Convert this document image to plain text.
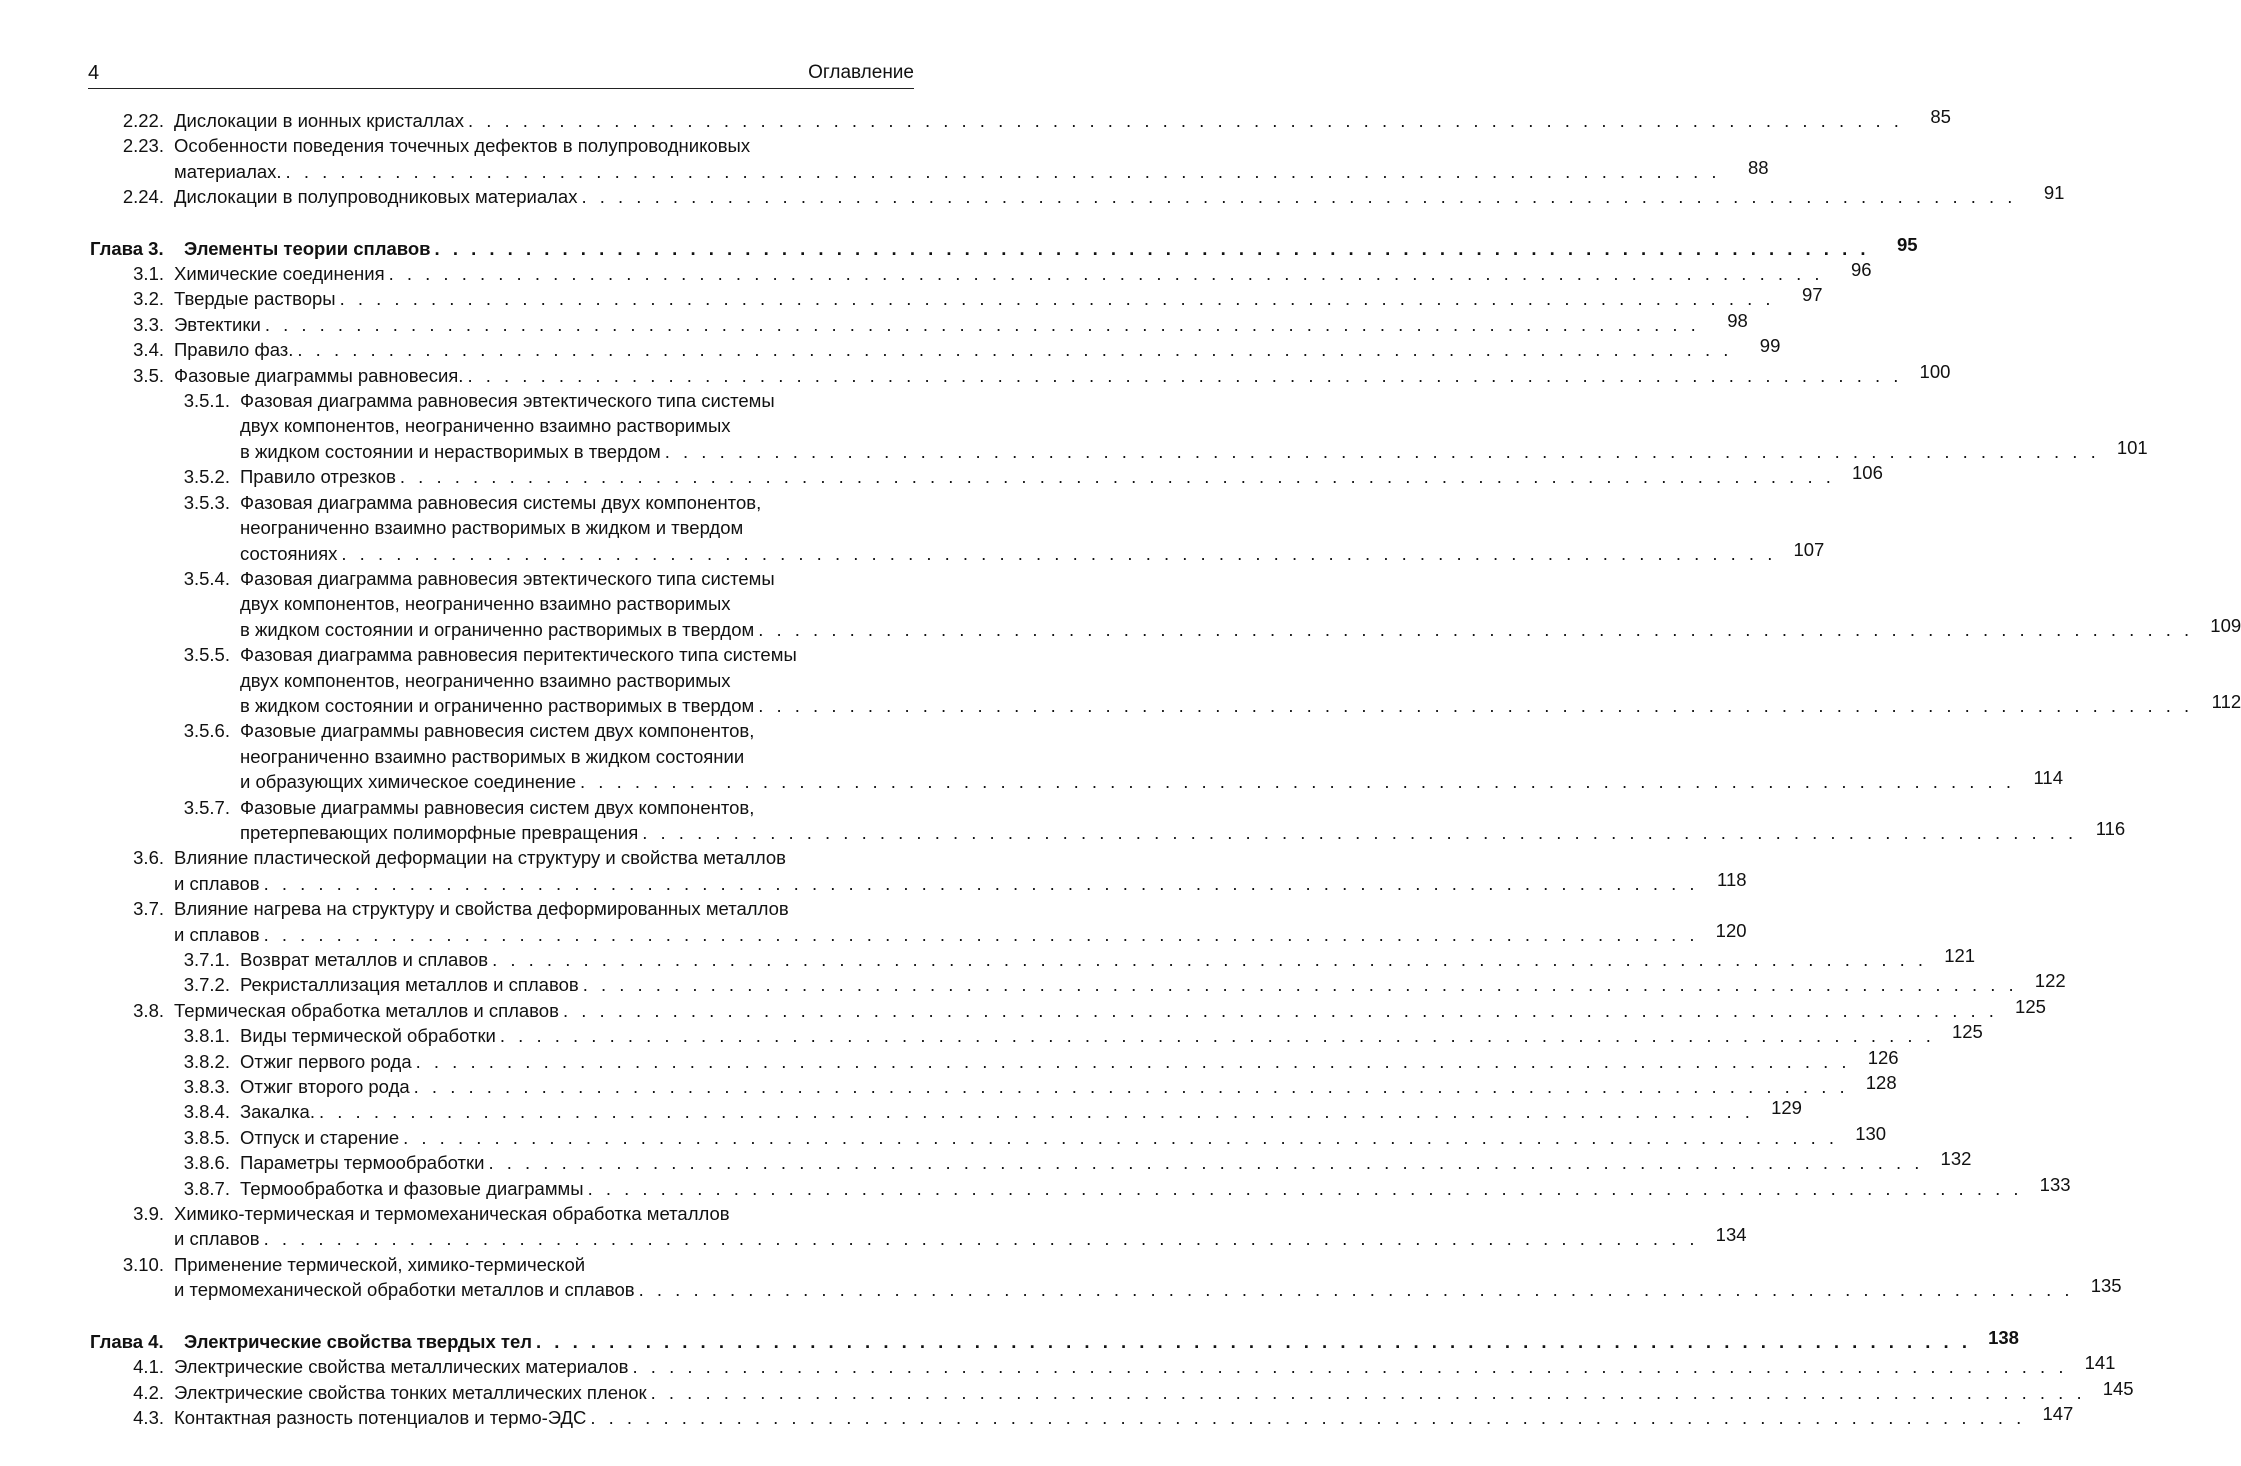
4	Оглавление
2.22. Дислокации в ионных кристаллах . . . . . . . . . . . . . . . . . . . . . . . . . . . . . . . . . . . . . . . . . . . . . . . . . . . . . . . . . . . . . . . . . . . . . . . . . . . . . . .	85
2.23. Особенности поведения точечных дефектов в полупроводниковых
материалах. . . . . . . . . . . . . . . . . . . . . . . . . . . . . . . . . . . . . . . . . . . . . . . . . . . . . . . . . . . . . . . . . . . . . . . . . . . . . . . .	88
2.24. Дислокации в полупроводниковых материалах . . . . . . . . . . . . . . . . . . . . . . . . . . . . . . . . . . . . . . . . . . . . . . . . . . . . . . . . . . . . . . . . . . . . . . . . . . . . . . .	91
Глава 3.	Элементы теории сплавов . . . . . . . . . . . . . . . . . . . . . . . . . . . . . . . . . . . . . . . . . . . . . . . . . . . . . . . . . . . . . . . . . . . . . . . . . . . . . . .	95
3.1. Химические соединения . . . . . . . . . . . . . . . . . . . . . . . . . . . . . . . . . . . . . . . . . . . . . . . . . . . . . . . . . . . . . . . . . . . . . . . . . . . . . . .	96
3.2. Твердые растворы . . . . . . . . . . . . . . . . . . . . . . . . . . . . . . . . . . . . . . . . . . . . . . . . . . . . . . . . . . . . . . . . . . . . . . . . . . . . . . .	97
3.3. Эвтектики . . . . . . . . . . . . . . . . . . . . . . . . . . . . . . . . . . . . . . . . . . . . . . . . . . . . . . . . . . . . . . . . . . . . . . . . . . . . . . .	98
3.4. Правило фаз. . . . . . . . . . . . . . . . . . . . . . . . . . . . . . . . . . . . . . . . . . . . . . . . . . . . . . . . . . . . . . . . . . . . . . . . . . . . . . . .	99
3.5. Фазовые диаграммы равновесия. . . . . . . . . . . . . . . . . . . . . . . . . . . . . . . . . . . . . . . . . . . . . . . . . . . . . . . . . . . . . . . . . . . . . . . . . . . . . . . . 100
3.5.1. Фазовая диаграмма равновесия эвтектического типа системы
двух компонентов, неограниченно взаимно растворимых
в жидком состоянии и нерастворимых в твердом . . . . . . . . . . . . . . . . . . . . . . . . . . . . . . . . . . . . . . . . . . . . . . . . . . . . . . . . . . . . . . . . . . . . . . . . . . . . . . . 101
3.5.2. Правило отрезков . . . . . . . . . . . . . . . . . . . . . . . . . . . . . . . . . . . . . . . . . . . . . . . . . . . . . . . . . . . . . . . . . . . . . . . . . . . . . . . 106
3.5.3. Фазовая диаграмма равновесия системы двух компонентов,
неограниченно взаимно растворимых в жидком и твердом
состояниях . . . . . . . . . . . . . . . . . . . . . . . . . . . . . . . . . . . . . . . . . . . . . . . . . . . . . . . . . . . . . . . . . . . . . . . . . . . . . . . 107
3.5.4. Фазовая диаграмма равновесия эвтектического типа системы
двух компонентов, неограниченно взаимно растворимых
в жидком состоянии и ограниченно растворимых в твердом . . . . . . . . . . . . . . . . . . . . . . . . . . . . . . . . . . . . . . . . . . . . . . . . . . . . . . . . . . . . . . . . . . . . . . . . . . . . . . . 109
3.5.5. Фазовая диаграмма равновесия перитектического типа системы
двух компонентов, неограниченно взаимно растворимых
в жидком состоянии и ограниченно растворимых в твердом . . . . . . . . . . . . . . . . . . . . . . . . . . . . . . . . . . . . . . . . . . . . . . . . . . . . . . . . . . . . . . . . . . . . . . . . . . . . . . .	112
3.5.6. Фазовые диаграммы равновесия систем двух компонентов,
неограниченно взаимно растворимых в жидком состоянии
и образующих химическое соединение . . . . . . . . . . . . . . . . . . . . . . . . . . . . . . . . . . . . . . . . . . . . . . . . . . . . . . . . . . . . . . . . . . . . . . . . . . . . . . .	114
3.5.7. Фазовые диаграммы равновесия систем двух компонентов,
претерпевающих полиморфные превращения . . . . . . . . . . . . . . . . . . . . . . . . . . . . . . . . . . . . . . . . . . . . . . . . . . . . . . . . . . . . . . . . . . . . . . . . . . . . . . .	116
3.6. Влияние пластической деформации на структуру и свойства металлов
и сплавов . . . . . . . . . . . . . . . . . . . . . . . . . . . . . . . . . . . . . . . . . . . . . . . . . . . . . . . . . . . . . . . . . . . . . . . . . . . . . . .	118
3.7. Влияние нагрева на структуру и свойства деформированных металлов
и сплавов . . . . . . . . . . . . . . . . . . . . . . . . . . . . . . . . . . . . . . . . . . . . . . . . . . . . . . . . . . . . . . . . . . . . . . . . . . . . . . . 120
3.7.1. Возврат металлов и сплавов . . . . . . . . . . . . . . . . . . . . . . . . . . . . . . . . . . . . . . . . . . . . . . . . . . . . . . . . . . . . . . . . . . . . . . . . . . . . . . . 121
3.7.2. Рекристаллизация металлов и сплавов . . . . . . . . . . . . . . . . . . . . . . . . . . . . . . . . . . . . . . . . . . . . . . . . . . . . . . . . . . . . . . . . . . . . . . . . . . . . . . . 122
3.8. Термическая обработка металлов и сплавов . . . . . . . . . . . . . . . . . . . . . . . . . . . . . . . . . . . . . . . . . . . . . . . . . . . . . . . . . . . . . . . . . . . . . . . . . . . . . . . 125
3.8.1. Виды термической обработки . . . . . . . . . . . . . . . . . . . . . . . . . . . . . . . . . . . . . . . . . . . . . . . . . . . . . . . . . . . . . . . . . . . . . . . . . . . . . . . 125
3.8.2. Отжиг первого рода . . . . . . . . . . . . . . . . . . . . . . . . . . . . . . . . . . . . . . . . . . . . . . . . . . . . . . . . . . . . . . . . . . . . . . . . . . . . . . . 126
3.8.3. Отжиг второго рода . . . . . . . . . . . . . . . . . . . . . . . . . . . . . . . . . . . . . . . . . . . . . . . . . . . . . . . . . . . . . . . . . . . . . . . . . . . . . . . 128
3.8.4. Закалка. . . . . . . . . . . . . . . . . . . . . . . . . . . . . . . . . . . . . . . . . . . . . . . . . . . . . . . . . . . . . . . . . . . . . . . . . . . . . . . . 129
3.8.5. Отпуск и старение . . . . . . . . . . . . . . . . . . . . . . . . . . . . . . . . . . . . . . . . . . . . . . . . . . . . . . . . . . . . . . . . . . . . . . . . . . . . . . . 130
3.8.6. Параметры термообработки . . . . . . . . . . . . . . . . . . . . . . . . . . . . . . . . . . . . . . . . . . . . . . . . . . . . . . . . . . . . . . . . . . . . . . . . . . . . . . . 132
3.8.7. Термообработка и фазовые диаграммы . . . . . . . . . . . . . . . . . . . . . . . . . . . . . . . . . . . . . . . . . . . . . . . . . . . . . . . . . . . . . . . . . . . . . . . . . . . . . . . 133
3.9. Химико-термическая и термомеханическая обработка металлов
и сплавов . . . . . . . . . . . . . . . . . . . . . . . . . . . . . . . . . . . . . . . . . . . . . . . . . . . . . . . . . . . . . . . . . . . . . . . . . . . . . . . 134
3.10. Применение термической, химико-термической
и термомеханической обработки металлов и сплавов . . . . . . . . . . . . . . . . . . . . . . . . . . . . . . . . . . . . . . . . . . . . . . . . . . . . . . . . . . . . . . . . . . . . . . . . . . . . . . . 135
Глава 4.	Электрические свойства твердых тел . . . . . . . . . . . . . . . . . . . . . . . . . . . . . . . . . . . . . . . . . . . . . . . . . . . . . . . . . . . . . . . . . . . . . . . . . . . . . . . 138
4.1. Электрические свойства металлических материалов . . . . . . . . . . . . . . . . . . . . . . . . . . . . . . . . . . . . . . . . . . . . . . . . . . . . . . . . . . . . . . . . . . . . . . . . . . . . . . . 141
4.2. Электрические свойства тонких металлических пленок . . . . . . . . . . . . . . . . . . . . . . . . . . . . . . . . . . . . . . . . . . . . . . . . . . . . . . . . . . . . . . . . . . . . . . . . . . . . . . . 145
4.3. Контактная разность потенциалов и термо-ЭДС . . . . . . . . . . . . . . . . . . . . . . . . . . . . . . . . . . . . . . . . . . . . . . . . . . . . . . . . . . . . . . . . . . . . . . . . . . . . . . . 147
